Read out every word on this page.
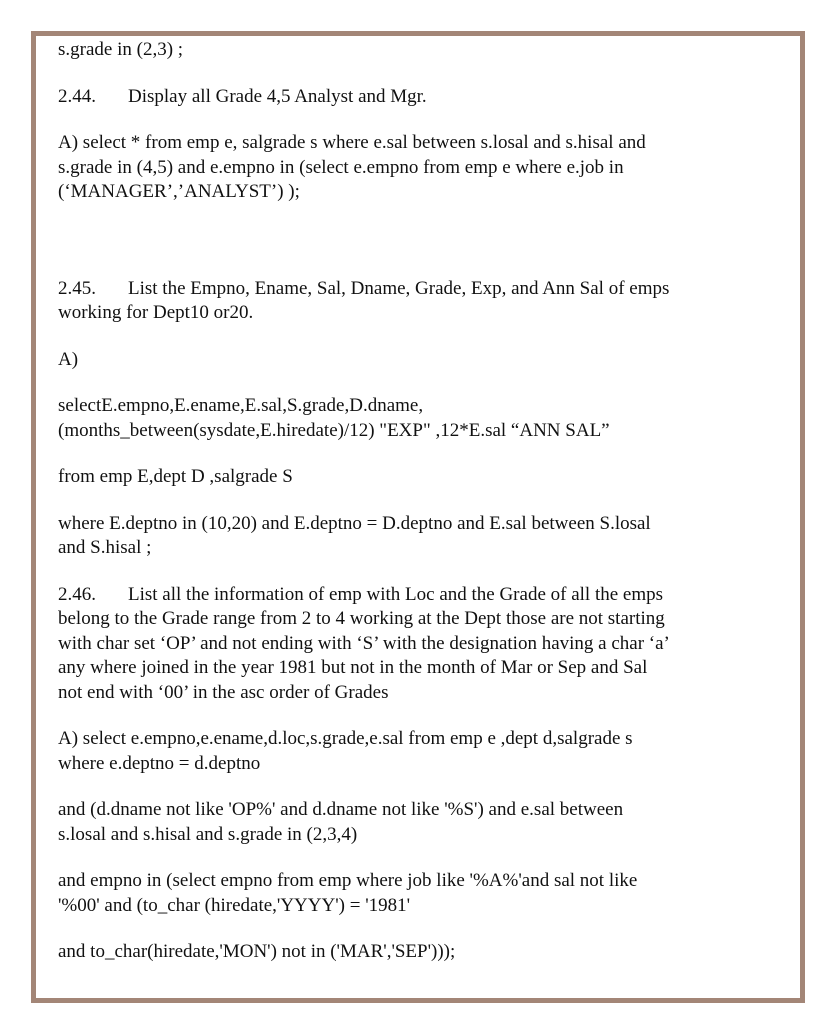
s.grade in (2,3) ;

2.44. Display all Grade 4,5 Analyst and Mgr.

A) select * from emp e, salgrade s where e.sal between s.losal and s.hisal and
s.grade in (4,5) and e.empno in (select e.empno from emp e where e.job in
(‘MANAGER’,’ANALYST’) );

2.45. List the Empno, Ename, Sal, Dname, Grade, Exp, and Ann Sal of emps
working for Dept10 or20.

A)

selectE.empno,E.ename,E.sal,S.grade,D.dname,
(months_between(sysdate,E.hiredate)/12) "EXP" ,12*E.sal “ANN SAL”

from emp E,dept D ,salgrade S

where E.deptno in (10,20) and E.deptno = D.deptno and E.sal between S.losal
and S.hisal ;

2.46. List all the information of emp with Loc and the Grade of all the emps
belong to the Grade range from 2 to 4 working at the Dept those are not starting
with char set ‘OP’ and not ending with ‘S’ with the designation having a char ‘a’
any where joined in the year 1981 but not in the month of Mar or Sep and Sal
not end with ‘00’ in the asc order of Grades

A) select e.empno,e.ename,d.loc,s.grade,e.sal from emp e ,dept d,salgrade s
where e.deptno = d.deptno

and (d.dname not like 'OP%' and d.dname not like '%S') and e.sal between
s.losal and s.hisal and s.grade in (2,3,4)

and empno in (select empno from emp where job like '%A%'and sal not like
'%00' and (to_char (hiredate,'YYYY') = '1981'

and to_char(hiredate,'MON') not in ('MAR','SEP')));
